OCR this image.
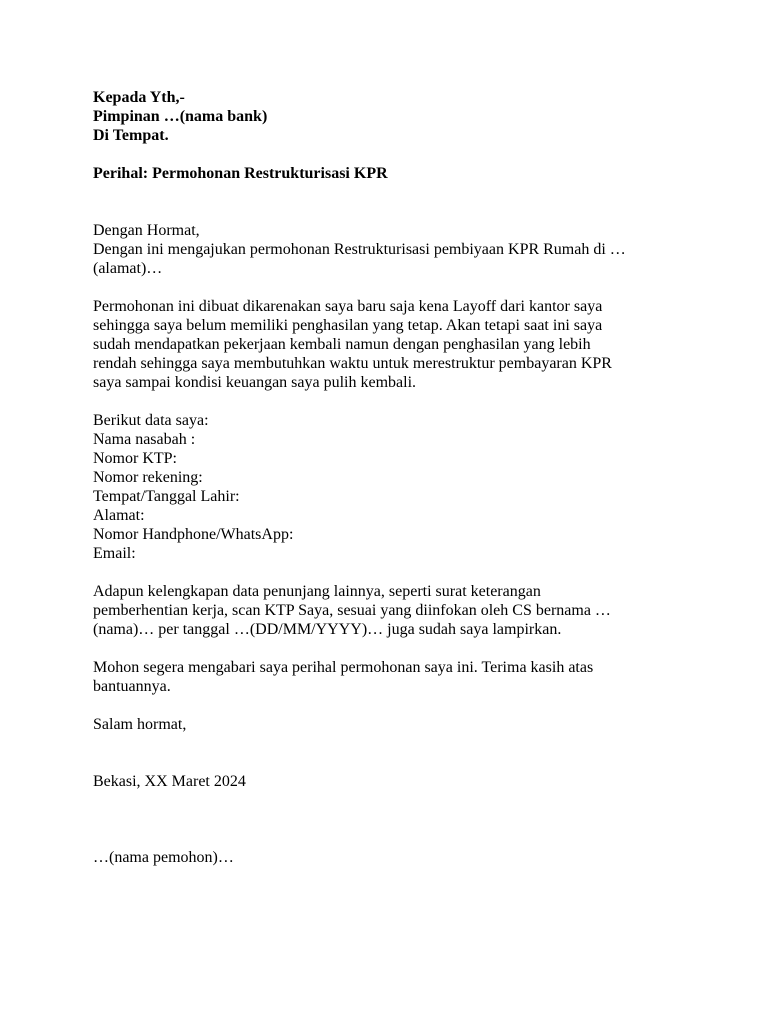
Kepada Yth,-
Pimpinan …(nama bank)
Di Tempat.
Perihal: Permohonan Restrukturisasi KPR
Dengan Hormat,
Dengan ini mengajukan permohonan Restrukturisasi pembiyaan KPR Rumah di …
(alamat)…
Permohonan ini dibuat dikarenakan saya baru saja kena Layoff dari kantor saya
sehingga saya belum memiliki penghasilan yang tetap. Akan tetapi saat ini saya
sudah mendapatkan pekerjaan kembali namun dengan penghasilan yang lebih
rendah sehingga saya membutuhkan waktu untuk merestruktur pembayaran KPR
saya sampai kondisi keuangan saya pulih kembali.
Berikut data saya:
Nama nasabah :
Nomor KTP:
Nomor rekening:
Tempat/Tanggal Lahir:
Alamat:
Nomor Handphone/WhatsApp:
Email:
Adapun kelengkapan data penunjang lainnya, seperti surat keterangan
pemberhentian kerja, scan KTP Saya, sesuai yang diinfokan oleh CS bernama …
(nama)… per tanggal …(DD/MM/YYYY)… juga sudah saya lampirkan.
Mohon segera mengabari saya perihal permohonan saya ini. Terima kasih atas
bantuannya.
Salam hormat,
Bekasi, XX Maret 2024
…(nama pemohon)…
